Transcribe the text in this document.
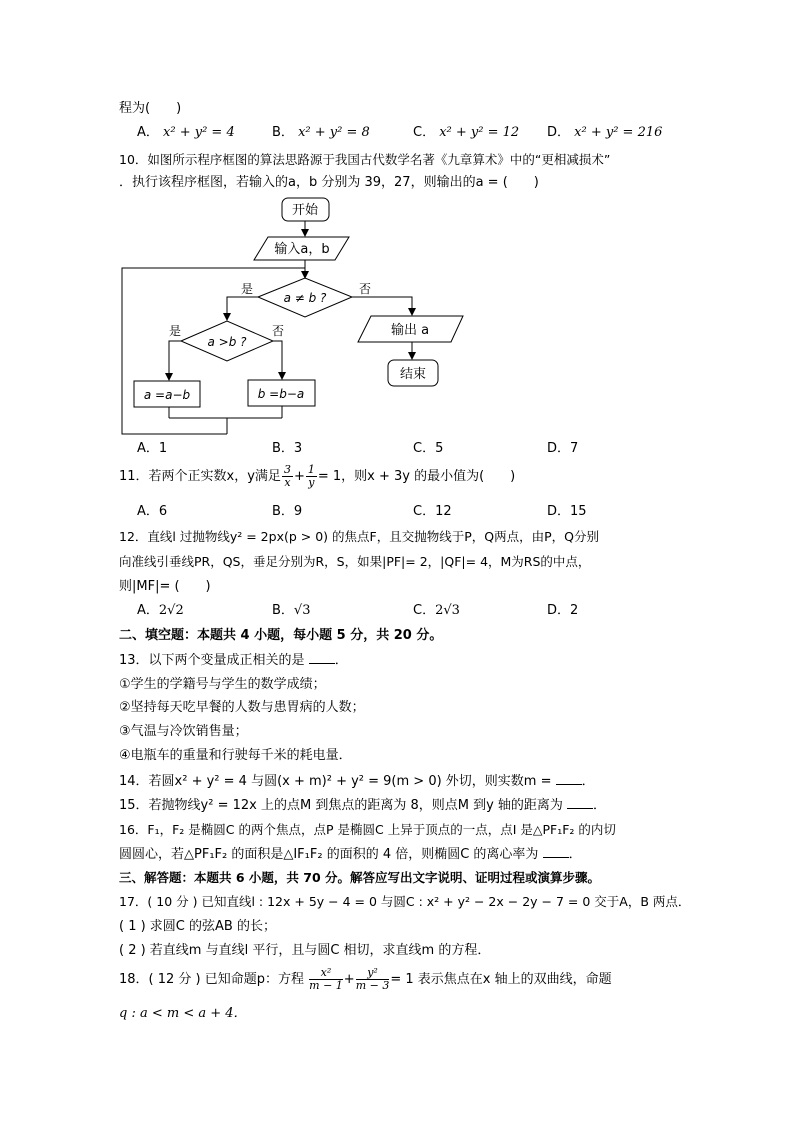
程为(　　)
A． x² + y² = 4	B． x² + y² = 8	C． x² + y² = 12 D． x² + y² = 216
10．如图所示程序框图的算法思路源于我国古代数学名著《九章算术》中的“更相减损术”
．执行该程序框图，若输入的a，b 分别为 39，27，则输出的a = (　　)
开始
输入a，b
a ≠ b ?
是	否
a >b ?
是	否
a =a−b	b =b−a
输出 a
结束
A．1	B．3	C．5	D．7
11．若两个正实数x，y满足 $\frac{3}{x} + \frac{1}{y} = 1$，则x + 3y 的最小值为(　　)
A．6	B．9	C．12	D．15
12．直线l 过抛物线y² = 2px(p > 0) 的焦点F，且交抛物线于P，Q两点，由P，Q分别
向准线引垂线PR，QS，垂足分别为R，S，如果|PF|= 2，|QF|= 4，M为RS的中点，
则|MF|= (　　)
A．2√2	B．√3	C．2√3	D．2
二、填空题：本题共 4 小题，每小题 5 分，共 20 分。
13．以下两个变量成正相关的是 ．
①学生的学籍号与学生的数学成绩；
②坚持每天吃早餐的人数与患胃病的人数；
③气温与冷饮销售量；
④电瓶车的重量和行驶每千米的耗电量．
14．若圆x² + y² = 4 与圆(x + m)² + y² = 9(m > 0) 外切，则实数m = ．
15．若抛物线y² = 12x 上的点M 到焦点的距离为 8，则点M 到y 轴的距离为 ．
16．F₁，F₂ 是椭圆C 的两个焦点，点P 是椭圆C 上异于顶点的一点，点I 是△PF₁F₂ 的内切
圆圆心，若△PF₁F₂ 的面积是△IF₁F₂ 的面积的 4 倍，则椭圆C 的离心率为 ．
三、解答题：本题共 6 小题，共 70 分。解答应写出文字说明、证明过程或演算步骤。
17．( 10 分 ) 已知直线l : 12x + 5y − 4 = 0 与圆C : x² + y² − 2x − 2y − 7 = 0 交于A，B 两点．
( 1 ) 求圆C 的弦AB 的长；
( 2 ) 若直线m 与直线l 平行，且与圆C 相切，求直线m 的方程．
18．( 12 分 ) 已知命题p：方程 $\frac{\text{x²}}{m - 1} + \frac{\text{y²}}{m - 3} = 1$ 表示焦点在x 轴上的双曲线，命题
q : a < m < a + 4．
